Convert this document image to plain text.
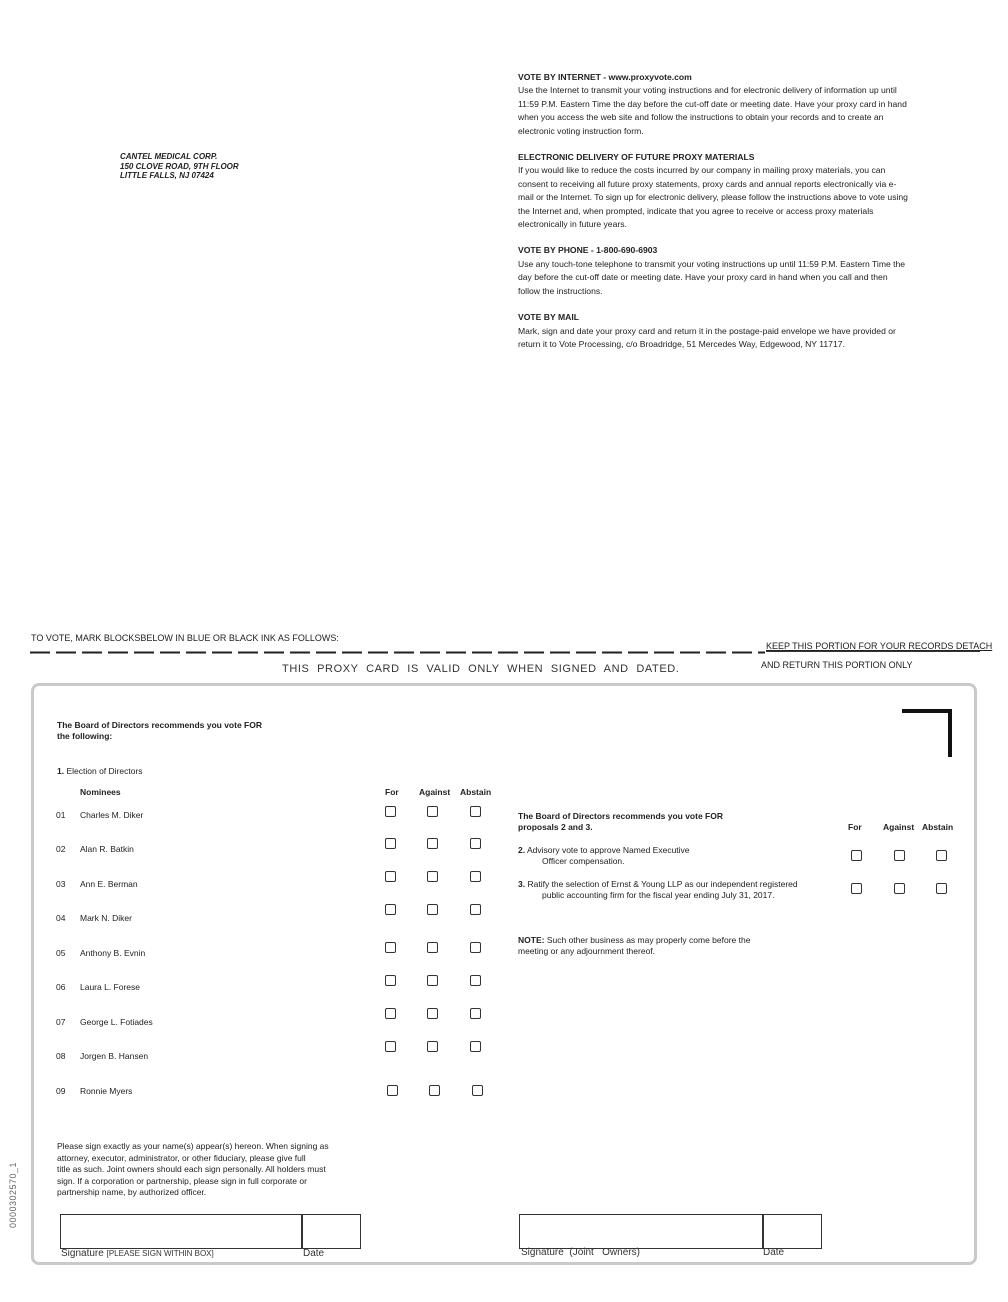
CANTEL MEDICAL CORP.
150 CLOVE ROAD, 9TH FLOOR
LITTLE FALLS, NJ 07424
VOTE BY INTERNET - www.proxyvote.com
Use the Internet to transmit your voting instructions and for electronic delivery of information up until 11:59 P.M. Eastern Time the day before the cut-off date or meeting date. Have your proxy card in hand when you access the web site and follow the instructions to obtain your records and to create an electronic voting instruction form.
ELECTRONIC DELIVERY OF FUTURE PROXY MATERIALS
If you would like to reduce the costs incurred by our company in mailing proxy materials, you can consent to receiving all future proxy statements, proxy cards and annual reports electronically via e-mail or the Internet. To sign up for electronic delivery, please follow the instructions above to vote using the Internet and, when prompted, indicate that you agree to receive or access proxy materials electronically in future years.
VOTE BY PHONE - 1-800-690-6903
Use any touch-tone telephone to transmit your voting instructions up until 11:59 P.M. Eastern Time the day before the cut-off date or meeting date. Have your proxy card in hand when you call and then follow the instructions.
VOTE BY MAIL
Mark, sign and date your proxy card and return it in the postage-paid envelope we have provided or return it to Vote Processing, c/o Broadridge, 51 Mercedes Way, Edgewood, NY 11717.
TO VOTE, MARK BLOCKSBELOW IN BLUE OR BLACK INK AS FOLLOWS:
KEEP THIS PORTION FOR YOUR RECORDS DETACH
AND RETURN THIS PORTION ONLY
THIS PROXY CARD IS VALID ONLY WHEN SIGNED AND DATED.
The Board of Directors recommends you vote FOR
the following:
1. Election of Directors
Nominees	For Against Abstain
01 Charles M. Diker
02 Alan R. Batkin
03 Ann E. Berman
04 Mark N. Diker
05 Anthony B. Evnin
06 Laura L. Forese
07 George L. Fotiades
08 Jorgen B. Hansen
09 Ronnie Myers
The Board of Directors recommends you vote FOR
proposals 2 and 3.	For	Against Abstain
2. Advisory vote to approve Named Executive
Officer compensation.
3. Ratify the selection of Ernst & Young LLP as our independent registered
public accounting firm for the fiscal year ending July 31, 2017.
NOTE: Such other business as may properly come before the
meeting or any adjournment thereof.
Please sign exactly as your name(s) appear(s) hereon. When signing as
attorney, executor, administrator, or other fiduciary, please give full
title as such. Joint owners should each sign personally. All holders must
sign. If a corporation or partnership, please sign in full corporate or
partnership name, by authorized officer.
Signature [PLEASE SIGN WITHIN BOX]	Date	Signature  (Joint   Owners)	Date
0000302570_1
